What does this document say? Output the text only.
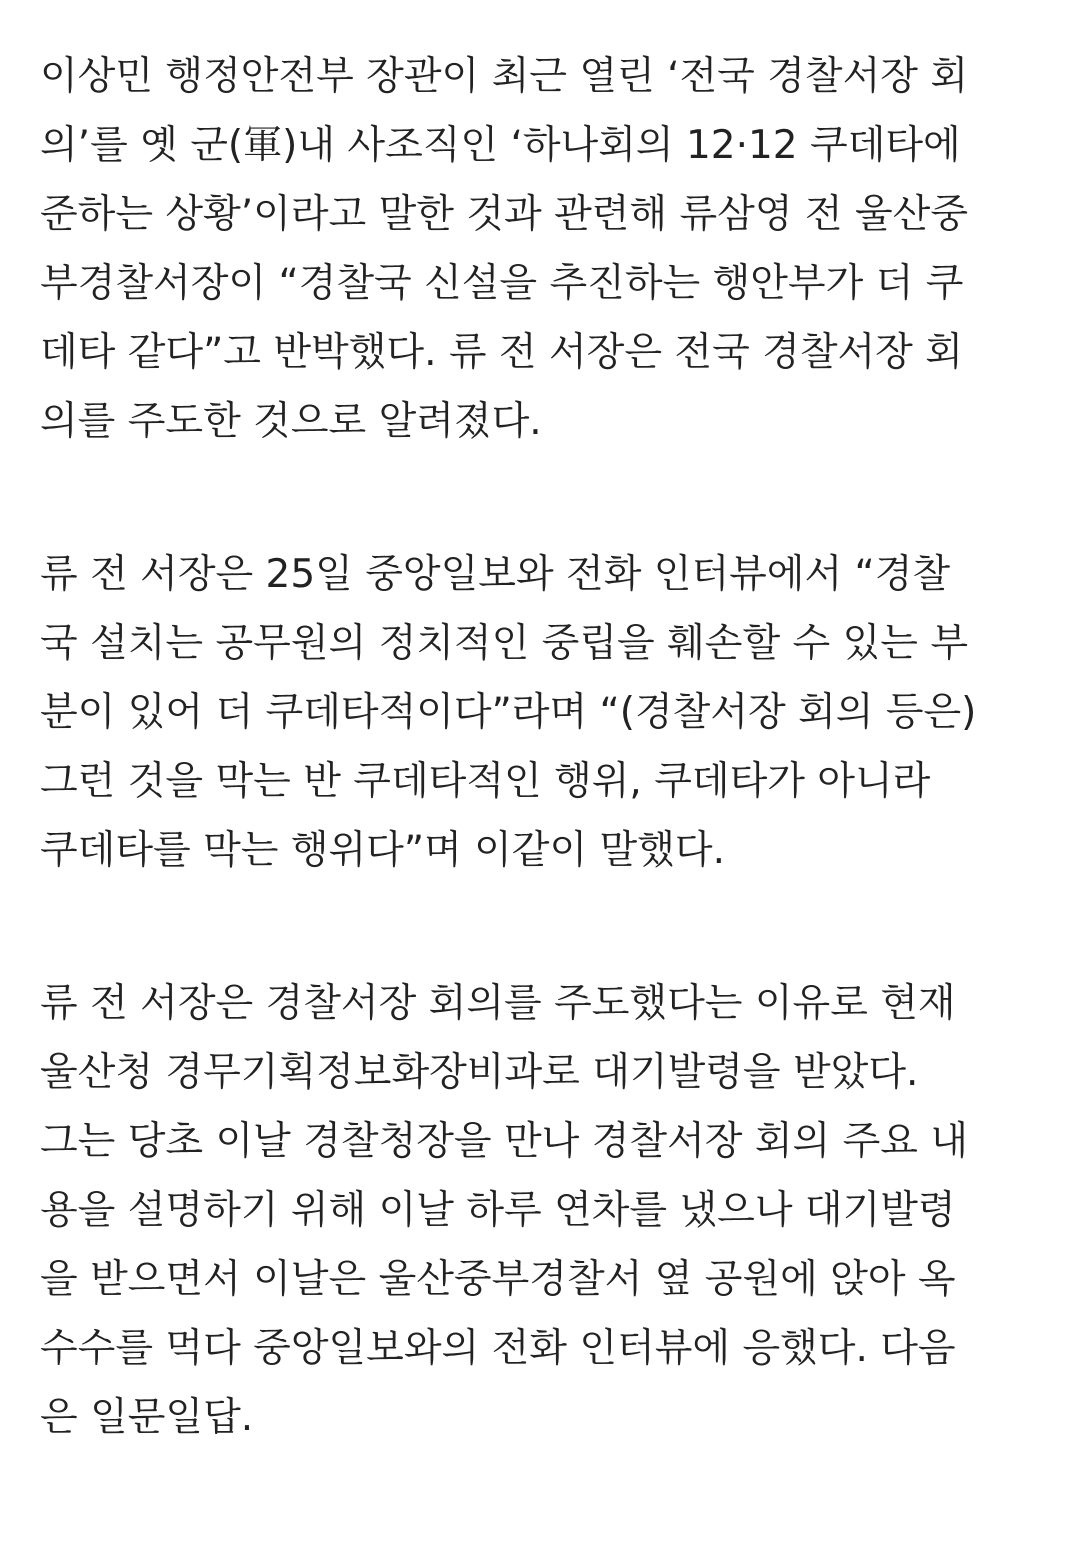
이상민 행정안전부 장관이 최근 열린 ‘전국 경찰서장 회
의’를 옛 군(軍)내 사조직인 ‘하나회의 12·12 쿠데타에
준하는 상황’이라고 말한 것과 관련해 류삼영 전 울산중
부경찰서장이 “경찰국 신설을 추진하는 행안부가 더 쿠
데타 같다”고 반박했다. 류 전 서장은 전국 경찰서장 회
의를 주도한 것으로 알려졌다.

류 전 서장은 25일 중앙일보와 전화 인터뷰에서 “경찰
국 설치는 공무원의 정치적인 중립을 훼손할 수 있는 부
분이 있어 더 쿠데타적이다”라며 “(경찰서장 회의 등은)
그런 것을 막는 반 쿠데타적인 행위, 쿠데타가 아니라
쿠데타를 막는 행위다”며 이같이 말했다.

류 전 서장은 경찰서장 회의를 주도했다는 이유로 현재
울산청 경무기획정보화장비과로 대기발령을 받았다.
그는 당초 이날 경찰청장을 만나 경찰서장 회의 주요 내
용을 설명하기 위해 이날 하루 연차를 냈으나 대기발령
을 받으면서 이날은 울산중부경찰서 옆 공원에 앉아 옥
수수를 먹다 중앙일보와의 전화 인터뷰에 응했다. 다음
은 일문일답.
